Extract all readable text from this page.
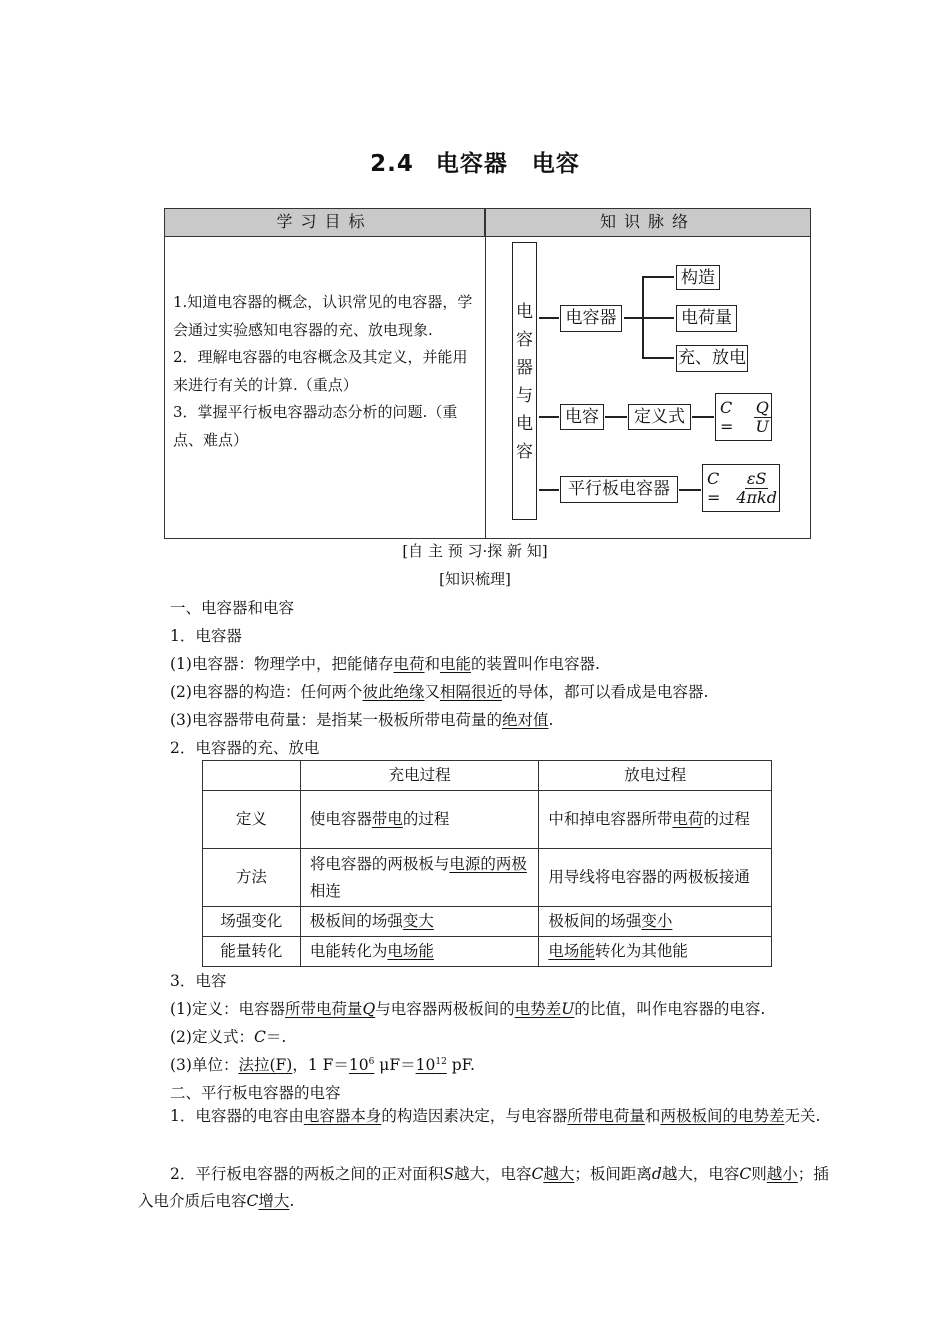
2.4 电容器　电容
学习目标	知识脉络

1.知道电容器的概念，认识常见的电容器，学会通过实验感知电容器的充、放电现象.

2．理解电容器的电容概念及其定义，并能用来进行有关的计算.（重点）

3．掌握平行板电容器动态分析的问题.（重点、难点）

电容器与电容
电容器
构造
电荷量
充、放电
电容	定义式	C =	$\frac{Q}{U}$
平行板电容器
$C = \frac{\varepsilon S}{\text{4πkd}}$
[自 主 预 习·探 新 知]
[知识梳理]
一、电容器和电容
1．电容器
(1)电容器：物理学中，把能储存电荷和电能的装置叫作电容器.
(2)电容器的构造：任何两个彼此绝缘又相隔很近的导体，都可以看成是电容器.
(3)电容器带电荷量：是指某一极板所带电荷量的绝对值.
2．电容器的充、放电
	充电过程	放电过程
定义	使电容器带电的过程	中和掉电容器所带电荷的过程
方法	将电容器的两极板与电源的两极相连	用导线将电容器的两极板接通
场强变化	极板间的场强变大	极板间的场强变小
能量转化	电能转化为电场能	电场能转化为其他能
3．电容
(1)定义：电容器所带电荷量Q与电容器两极板间的电势差U的比值，叫作电容器的电容.
(2)定义式：C＝.
(3)单位：法拉(F)，1 $F=10^6$ $\mu F=10^{12}$ pF.
二、平行板电容器的电容
1．电容器的电容由电容器本身的构造因素决定，与电容器所带电荷量和两极板间的电势差无关.
2．平行板电容器的两板之间的正对面积S越大，电容C越大；板间距离d越大，电容C则越小；插入电介质后电容C增大.
